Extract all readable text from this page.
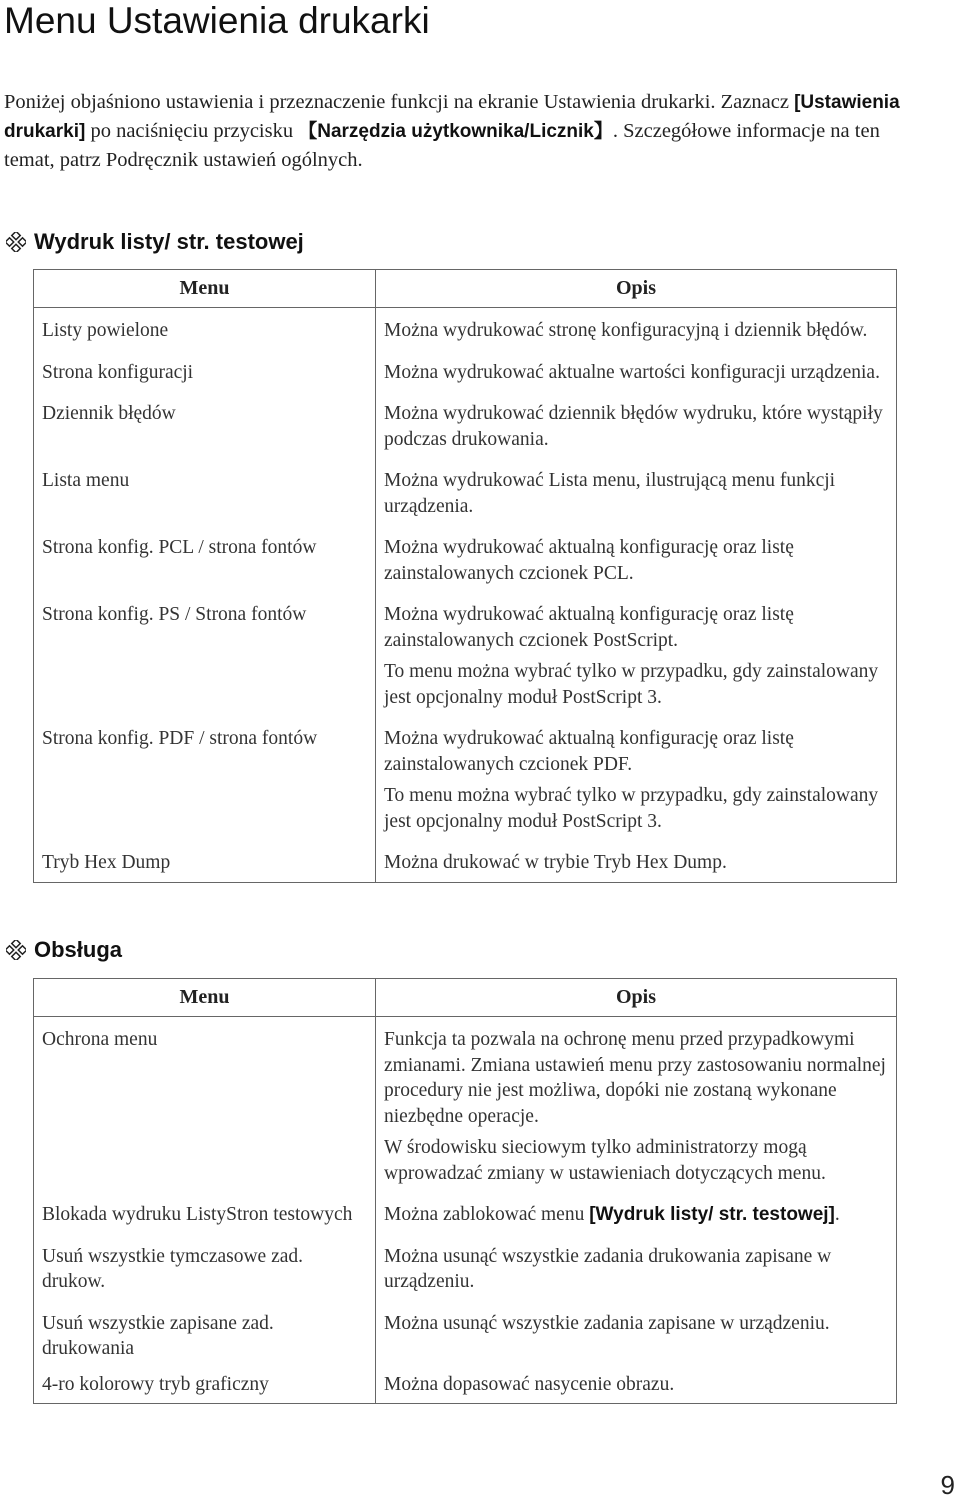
Menu Ustawienia drukarki

Poniżej objaśniono ustawienia i przeznaczenie funkcji na ekranie Ustawienia drukarki. Zaznacz [Ustawienia drukarki] po naciśnięciu przycisku 【Narzędzia użytkownika/Licznik】. Szczegółowe informacje na ten temat, patrz Podręcznik ustawień ogólnych.

Wydruk listy/ str. testowej
Menu	Opis
Listy powielone	Można wydrukować stronę konfiguracyjną i dziennik błędów.

Strona konfiguracji	Można wydrukować aktualne wartości konfiguracji urządzenia.

Dziennik błędów	Można wydrukować dziennik błędów wydruku, które wystąpiły podczas drukowania.

Lista menu	Można wydrukować Lista menu, ilustrującą menu funkcji urządzenia.

Strona konfig. PCL / strona fontów	Można wydrukować aktualną konfigurację oraz listę zainstalowanych czcionek PCL.

Strona konfig. PS / Strona fontów	Można wydrukować aktualną konfigurację oraz listę zainstalowanych czcionek PostScript.

To menu można wybrać tylko w przypadku, gdy zainstalowany jest opcjonalny moduł PostScript 3.

Strona konfig. PDF / strona fontów	Można wydrukować aktualną konfigurację oraz listę zainstalowanych czcionek PDF.

To menu można wybrać tylko w przypadku, gdy zainstalowany jest opcjonalny moduł PostScript 3.

Tryb Hex Dump	Można drukować w trybie Tryb Hex Dump.

Obsługa
Menu	Opis
Ochrona menu	Funkcja ta pozwala na ochronę menu przed przypadkowymi zmianami. Zmiana ustawień menu przy zastosowaniu normalnej procedury nie jest możliwa, dopóki nie zostaną wykonane niezbędne operacje.

W środowisku sieciowym tylko administratorzy mogą wprowadzać zmiany w ustawieniach dotyczących menu.

Blokada wydruku ListyStron testowych	Można zablokować menu [Wydruk listy/ str. testowej].

Usuń wszystkie tymczasowe zad. drukow.	Można usunąć wszystkie zadania drukowania zapisane w urządzeniu.

Usuń wszystkie zapisane zad. drukowania	Można usunąć wszystkie zadania zapisane w urządzeniu.

4-ro kolorowy tryb graficzny	Można dopasować nasycenie obrazu.

9
